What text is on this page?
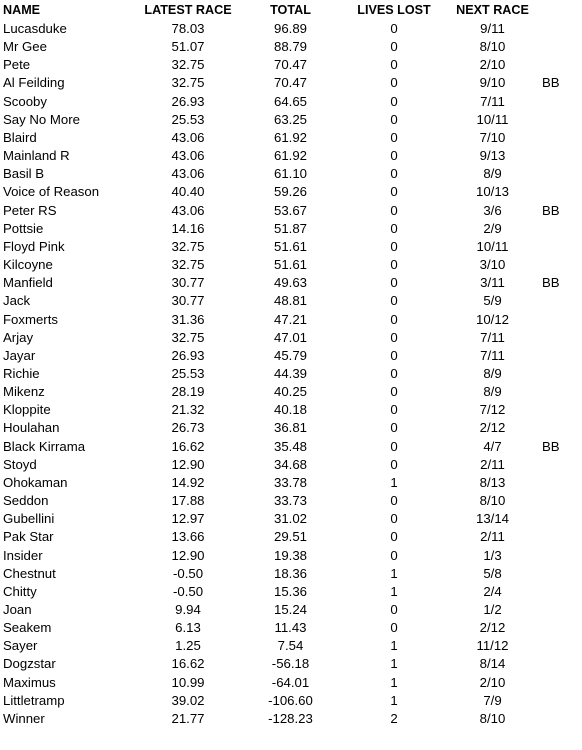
NAME	LATEST RACE	TOTAL	LIVES LOST	NEXT RACE	
Lucasduke	78.03	96.89	0	9/11	
Mr Gee	51.07	88.79	0	8/10	
Pete	32.75	70.47	0	2/10	
Al Feilding	32.75	70.47	0	9/10	BB
Scooby	26.93	64.65	0	7/11	
Say No More	25.53	63.25	0	10/11	
Blaird	43.06	61.92	0	7/10	
Mainland R	43.06	61.92	0	9/13	
Basil B	43.06	61.10	0	8/9	
Voice of Reason	40.40	59.26	0	10/13	
Peter RS	43.06	53.67	0	3/6	BB
Pottsie	14.16	51.87	0	2/9	
Floyd Pink	32.75	51.61	0	10/11	
Kilcoyne	32.75	51.61	0	3/10	
Manfield	30.77	49.63	0	3/11	BB
Jack	30.77	48.81	0	5/9	
Foxmerts	31.36	47.21	0	10/12	
Arjay	32.75	47.01	0	7/11	
Jayar	26.93	45.79	0	7/11	
Richie	25.53	44.39	0	8/9	
Mikenz	28.19	40.25	0	8/9	
Kloppite	21.32	40.18	0	7/12	
Houlahan	26.73	36.81	0	2/12	
Black Kirrama	16.62	35.48	0	4/7	BB
Stoyd	12.90	34.68	0	2/11	
Ohokaman	14.92	33.78	1	8/13	
Seddon	17.88	33.73	0	8/10	
Gubellini	12.97	31.02	0	13/14	
Pak Star	13.66	29.51	0	2/11	
Insider	12.90	19.38	0	1/3	
Chestnut	-0.50	18.36	1	5/8	
Chitty	-0.50	15.36	1	2/4	
Joan	9.94	15.24	0	1/2	
Seakem	6.13	11.43	0	2/12	
Sayer	1.25	7.54	1	11/12	
Dogzstar	16.62	-56.18	1	8/14	
Maximus	10.99	-64.01	1	2/10	
Littletramp	39.02	-106.60	1	7/9	
Winner	21.77	-128.23	2	8/10	
